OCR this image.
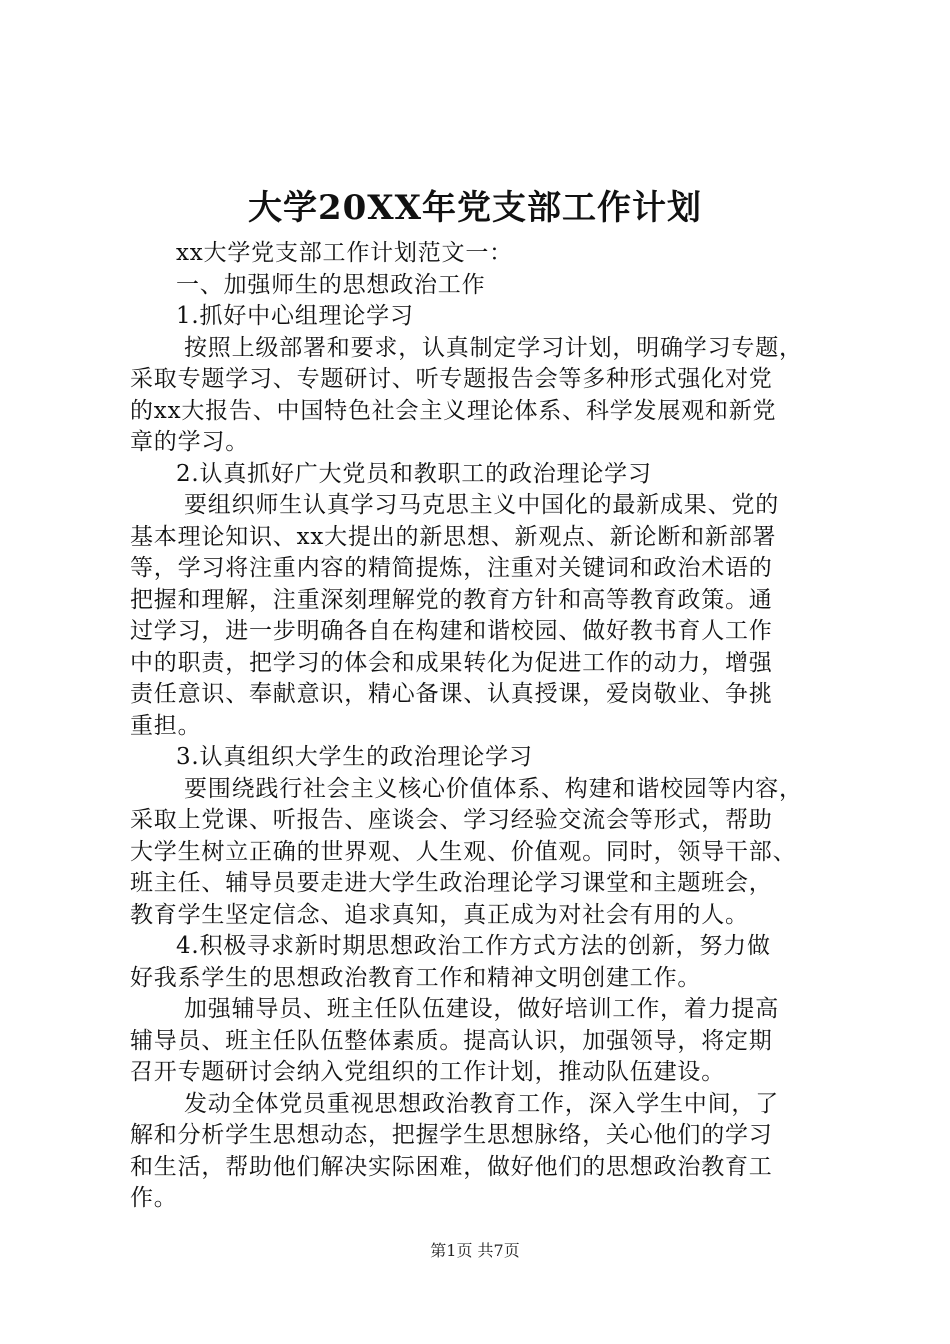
大学20XX年党支部工作计划
xx大学党支部工作计划范文一：
一、加强师生的思想政治工作
1.抓好中心组理论学习
按照上级部署和要求，认真制定学习计划，明确学习专题，
采取专题学习、专题研讨、听专题报告会等多种形式强化对党
的xx大报告、中国特色社会主义理论体系、科学发展观和新党
章的学习。
2.认真抓好广大党员和教职工的政治理论学习
要组织师生认真学习马克思主义中国化的最新成果、党的
基本理论知识、xx大提出的新思想、新观点、新论断和新部署
等，学习将注重内容的精简提炼，注重对关键词和政治术语的
把握和理解，注重深刻理解党的教育方针和高等教育政策。通
过学习，进一步明确各自在构建和谐校园、做好教书育人工作
中的职责，把学习的体会和成果转化为促进工作的动力，增强
责任意识、奉献意识，精心备课、认真授课，爱岗敬业、争挑
重担。
3.认真组织大学生的政治理论学习
要围绕践行社会主义核心价值体系、构建和谐校园等内容，
采取上党课、听报告、座谈会、学习经验交流会等形式，帮助
大学生树立正确的世界观、人生观、价值观。同时，领导干部、
班主任、辅导员要走进大学生政治理论学习课堂和主题班会，
教育学生坚定信念、追求真知，真正成为对社会有用的人。
4.积极寻求新时期思想政治工作方式方法的创新，努力做
好我系学生的思想政治教育工作和精神文明创建工作。
加强辅导员、班主任队伍建设，做好培训工作，着力提高
辅导员、班主任队伍整体素质。提高认识，加强领导，将定期
召开专题研讨会纳入党组织的工作计划，推动队伍建设。
发动全体党员重视思想政治教育工作，深入学生中间，了
解和分析学生思想动态，把握学生思想脉络，关心他们的学习
和生活，帮助他们解决实际困难，做好他们的思想政治教育工
作。
第1页 共7页
